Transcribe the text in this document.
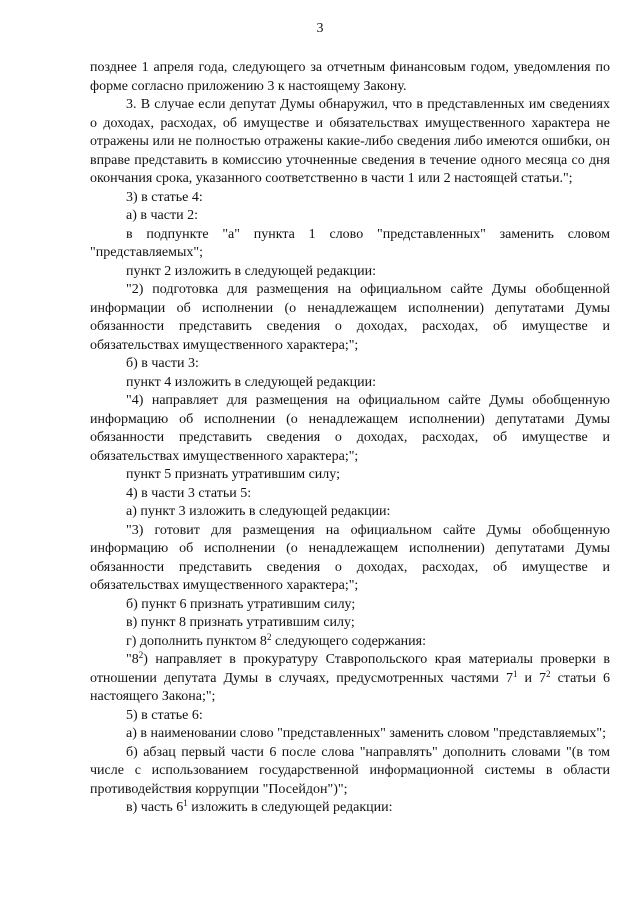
3

позднее 1 апреля года, следующего за отчетным финансовым годом, уведомления по форме согласно приложению 3 к настоящему Закону.

3. В случае если депутат Думы обнаружил, что в представленных им сведениях о доходах, расходах, об имуществе и обязательствах имущественного характера не отражены или не полностью отражены какие-либо сведения либо имеются ошибки, он вправе представить в комиссию уточненные сведения в течение одного месяца со дня окончания срока, указанного соответственно в части 1 или 2 настоящей статьи.";

3) в статье 4:

а) в части 2:

в подпункте "а" пункта 1 слово "представленных" заменить словом "представляемых";

пункт 2 изложить в следующей редакции:

"2) подготовка для размещения на официальном сайте Думы обобщенной информации об исполнении (о ненадлежащем исполнении) депутатами Думы обязанности представить сведения о доходах, расходах, об имуществе и обязательствах имущественного характера;";

б) в части 3:

пункт 4 изложить в следующей редакции:

"4) направляет для размещения на официальном сайте Думы обобщенную информацию об исполнении (о ненадлежащем исполнении) депутатами Думы обязанности представить сведения о доходах, расходах, об имуществе и обязательствах имущественного характера;";

пункт 5 признать утратившим силу;

4) в части 3 статьи 5:

а) пункт 3 изложить в следующей редакции:

"3) готовит для размещения на официальном сайте Думы обобщенную информацию об исполнении (о ненадлежащем исполнении) депутатами Думы обязанности представить сведения о доходах, расходах, об имуществе и обязательствах имущественного характера;";

б) пункт 6 признать утратившим силу;

в) пункт 8 признать утратившим силу;

г) дополнить пунктом $8^2$ следующего содержания:

"$8^2$) направляет в прокуратуру Ставропольского края материалы проверки в отношении депутата Думы в случаях, предусмотренных частями $7^1$ и $7^2$ статьи 6 настоящего Закона;";

5) в статье 6:

а) в наименовании слово "представленных" заменить словом "представляемых";

б) абзац первый части 6 после слова "направлять" дополнить словами "(в том числе с использованием государственной информационной системы в области противодействия коррупции "Посейдон")";

в) часть $6^1$ изложить в следующей редакции:
